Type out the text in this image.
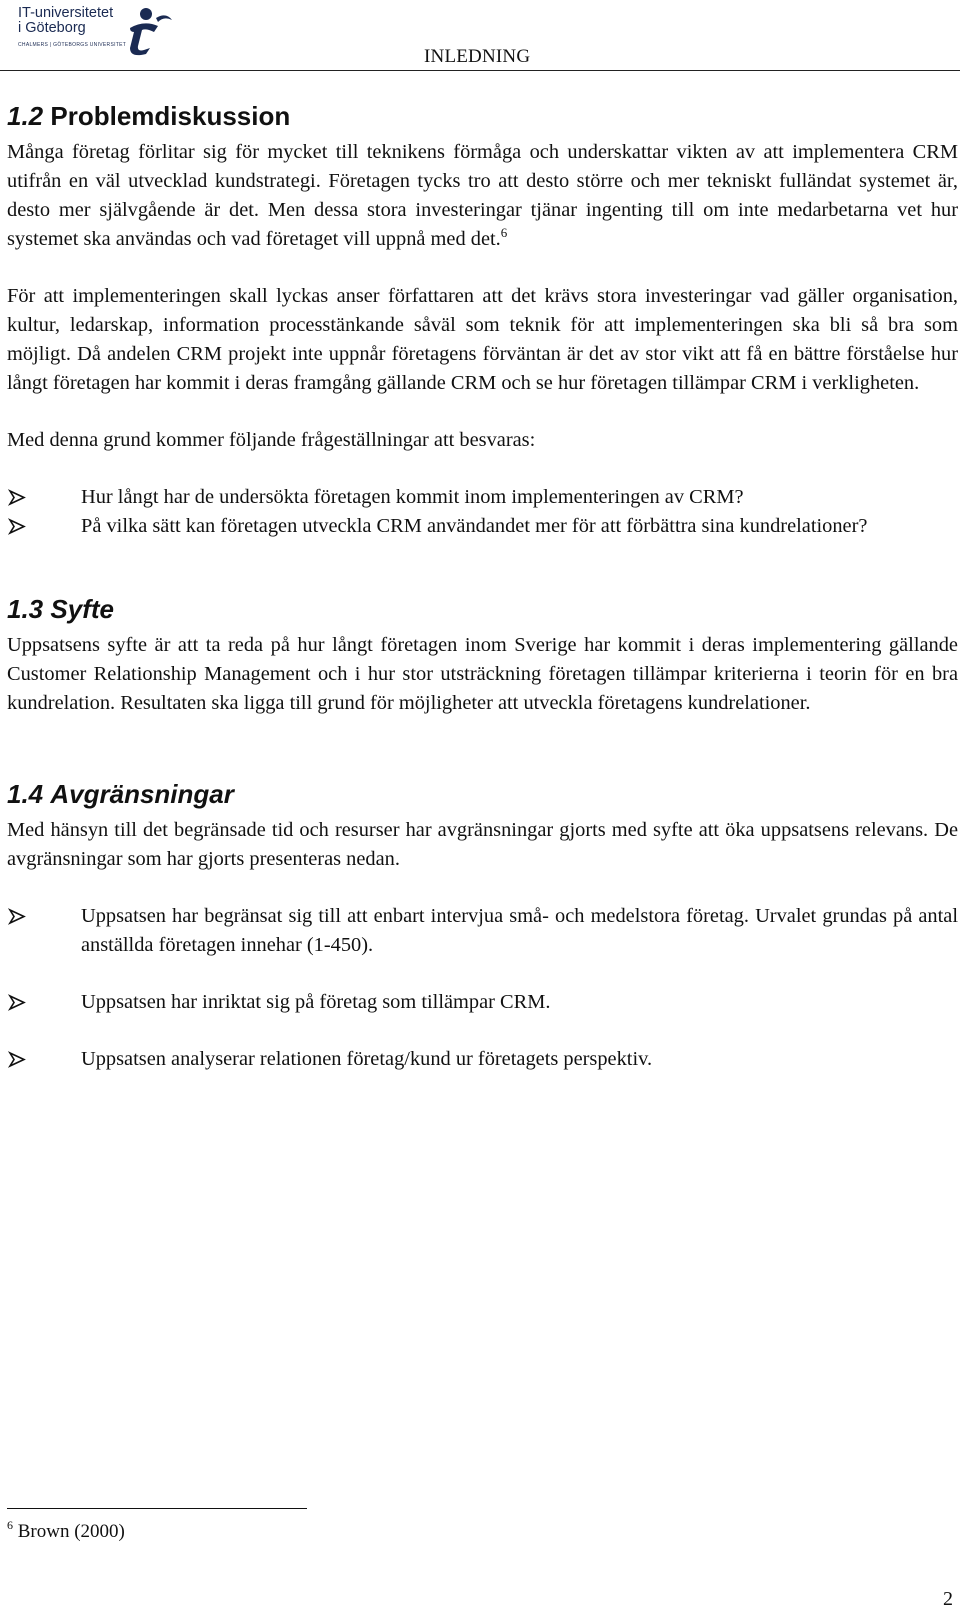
IT-universitetet
i Göteborg
CHALMERS | GÖTEBORGS UNIVERSITET
INLEDNING
1.2 Problemdiskussion

Många företag förlitar sig för mycket till teknikens förmåga och underskattar vikten av att implementera CRM utifrån en väl utvecklad kundstrategi. Företagen tycks tro att desto större och mer tekniskt fulländat systemet är, desto mer självgående är det. Men dessa stora investeringar tjänar ingenting till om inte medarbetarna vet hur systemet ska användas och vad företaget vill uppnå med det.$^6$

För att implementeringen skall lyckas anser författaren att det krävs stora investeringar vad gäller organisation, kultur, ledarskap, information processtänkande såväl som teknik för att implementeringen ska bli så bra som möjligt. Då andelen CRM projekt inte uppnår företagens förväntan är det av stor vikt att få en bättre förståelse hur långt företagen har kommit i deras framgång gällande CRM och se hur företagen tillämpar CRM i verkligheten.

Med denna grund kommer följande frågeställningar att besvaras:

Hur långt har de undersökta företagen kommit inom implementeringen av CRM?
På vilka sätt kan företagen utveckla CRM användandet mer för att förbättra sina kundrelationer?
1.3 Syfte

Uppsatsens syfte är att ta reda på hur långt företagen inom Sverige har kommit i deras implementering gällande Customer Relationship Management och i hur stor utsträckning företagen tillämpar kriterierna i teorin för en bra kundrelation. Resultaten ska ligga till grund för möjligheter att utveckla företagens kundrelationer.

1.4 Avgränsningar

Med hänsyn till det begränsade tid och resurser har avgränsningar gjorts med syfte att öka uppsatsens relevans. De avgränsningar som har gjorts presenteras nedan.

Uppsatsen har begränsat sig till att enbart intervjua små- och medelstora företag. Urvalet grundas på antal anställda företagen innehar (1-450).
Uppsatsen har inriktat sig på företag som tillämpar CRM.
Uppsatsen analyserar relationen företag/kund ur företagets perspektiv.
$^6$ Brown (2000)
2
